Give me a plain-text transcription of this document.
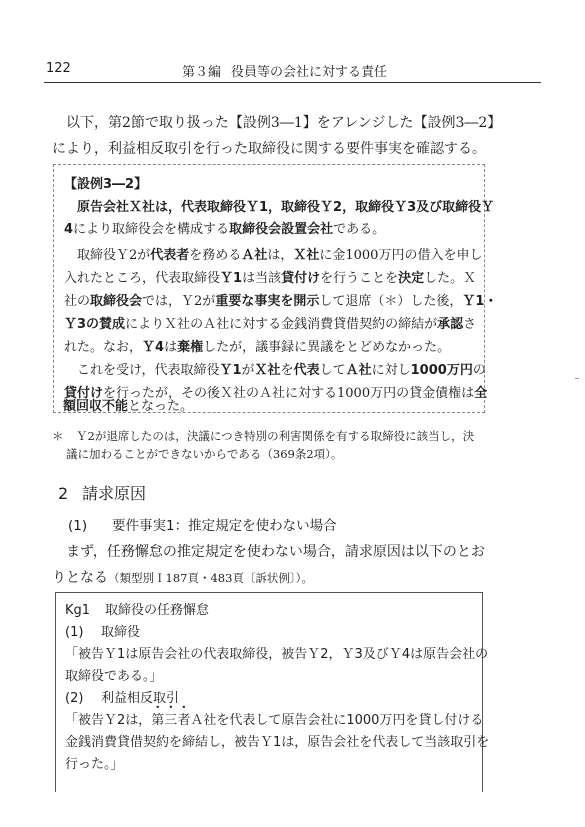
122	第３編 役員等の会社に対する責任
以下，第2節で取り扱った【設例3―1】をアレンジした【設例3―2】
により，利益相反取引を行った取締役に関する要件事実を確認する。
【設例3―2】
原告会社Ｘ社は，代表取締役Ｙ1，取締役Ｙ2，取締役Ｙ3及び取締役Ｙ
4により取締役会を構成する取締役会設置会社である。
取締役Ｙ2が代表者を務めるＡ社は，Ｘ社に金1000万円の借入を申し
入れたところ，代表取締役Ｙ1は当該貸付けを行うことを決定した。Ｘ
社の取締役会では，Ｙ2が重要な事実を開示して退席（＊）した後，Ｙ1・
Ｙ3の賛成によりＸ社のＡ社に対する金銭消費貸借契約の締結が承認さ
れた。なお，Ｙ4は棄権したが，議事録に異議をとどめなかった。
これを受け，代表取締役Ｙ1がＸ社を代表してＡ社に対し1000万円の
貸付けを行ったが，その後Ｘ社のＡ社に対する1000万円の貸金債権は全
額回収不能となった。
＊ Ｙ2が退席したのは，決議につき特別の利害関係を有する取締役に該当し，決
議に加わることができないからである（369条2項）。
2 請求原因
(1) 要件事実1：推定規定を使わない場合
まず，任務懈怠の推定規定を使わない場合，請求原因は以下のとお
りとなる（類型別Ｉ187頁・483頁〔訴状例〕）。
Kg1 取締役の任務懈怠
(1) 取締役
「被告Ｙ1は原告会社の代表取締役，被告Ｙ2，Ｙ3及びＹ4は原告会社の
取締役である。」
(2) 利益相反取引
「被告Ｙ2は，第三者Ａ社を代表して原告会社に1000万円を貸し付ける
金銭消費貸借契約を締結し，被告Ｙ1は，原告会社を代表して当該取引を
行った。」
